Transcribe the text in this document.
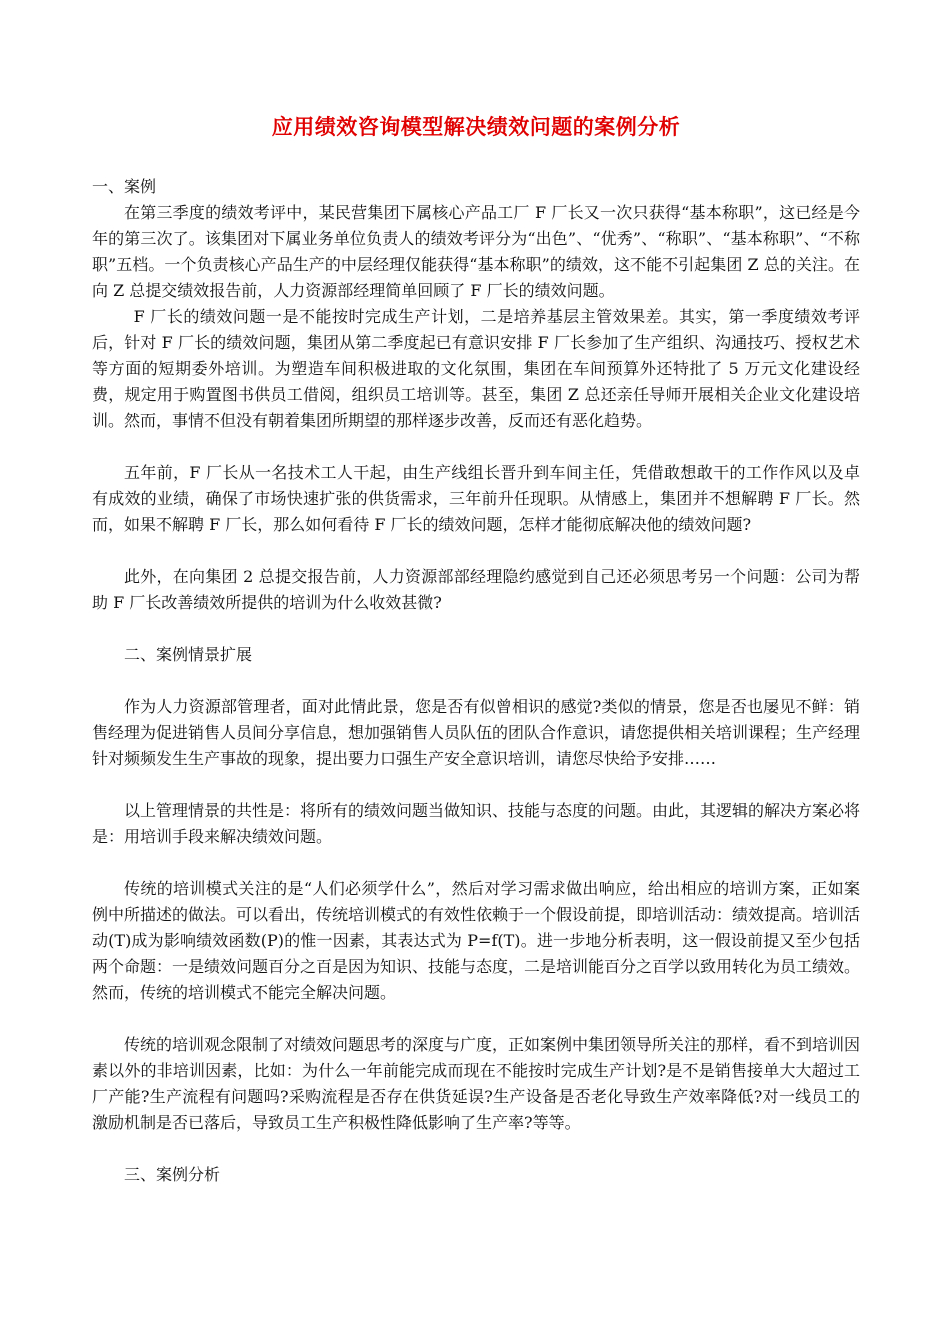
应用绩效咨询模型解决绩效问题的案例分析
一、案例

在第三季度的绩效考评中，某民营集团下属核心产品工厂 F 厂长又一次只获得“基本称职”，这已经是今年的第三次了。该集团对下属业务单位负责人的绩效考评分为“出色”、“优秀”、“称职”、“基本称职”、“不称职”五档。一个负责核心产品生产的中层经理仅能获得“基本称职”的绩效，这不能不引起集团 Z 总的关注。在向 Z 总提交绩效报告前，人力资源部经理简单回顾了 F 厂长的绩效问题。

F 厂长的绩效问题一是不能按时完成生产计划，二是培养基层主管效果差。其实，第一季度绩效考评后，针对 F 厂长的绩效问题，集团从第二季度起已有意识安排 F 厂长参加了生产组织、沟通技巧、授权艺术等方面的短期委外培训。为塑造车间积极进取的文化氛围，集团在车间预算外还特批了 5 万元文化建设经费，规定用于购置图书供员工借阅，组织员工培训等。甚至，集团 Z 总还亲任导师开展相关企业文化建设培训。然而，事情不但没有朝着集团所期望的那样逐步改善，反而还有恶化趋势。

五年前，F 厂长从一名技术工人干起，由生产线组长晋升到车间主任，凭借敢想敢干的工作作风以及卓有成效的业绩，确保了市场快速扩张的供货需求，三年前升任现职。从情感上，集团并不想解聘 F 厂长。然而，如果不解聘 F 厂长，那么如何看待 F 厂长的绩效问题，怎样才能彻底解决他的绩效问题?

此外，在向集团 2 总提交报告前，人力资源部部经理隐约感觉到自己还必须思考另一个问题：公司为帮助 F 厂长改善绩效所提供的培训为什么收效甚微?

二、案例情景扩展

作为人力资源部管理者，面对此情此景，您是否有似曾相识的感觉?类似的情景，您是否也屡见不鲜：销售经理为促进销售人员间分享信息，想加强销售人员队伍的团队合作意识，请您提供相关培训课程；生产经理针对频频发生生产事故的现象，提出要力口强生产安全意识培训，请您尽快给予安排……

以上管理情景的共性是：将所有的绩效问题当做知识、技能与态度的问题。由此，其逻辑的解决方案必将是：用培训手段来解决绩效问题。

传统的培训模式关注的是“人们必须学什么”，然后对学习需求做出响应，给出相应的培训方案，正如案例中所描述的做法。可以看出，传统培训模式的有效性依赖于一个假设前提，即培训活动：绩效提高。培训活动(T)成为影响绩效函数(P)的惟一因素，其表达式为 P=f(T)。进一步地分析表明，这一假设前提又至少包括两个命题：一是绩效问题百分之百是因为知识、技能与态度，二是培训能百分之百学以致用转化为员工绩效。然而，传统的培训模式不能完全解决问题。

传统的培训观念限制了对绩效问题思考的深度与广度，正如案例中集团领导所关注的那样，看不到培训因素以外的非培训因素，比如：为什么一年前能完成而现在不能按时完成生产计划?是不是销售接单大大超过工厂产能?生产流程有问题吗?采购流程是否存在供货延误?生产设备是否老化导致生产效率降低?对一线员工的激励机制是否已落后，导致员工生产积极性降低影响了生产率?等等。

三、案例分析
